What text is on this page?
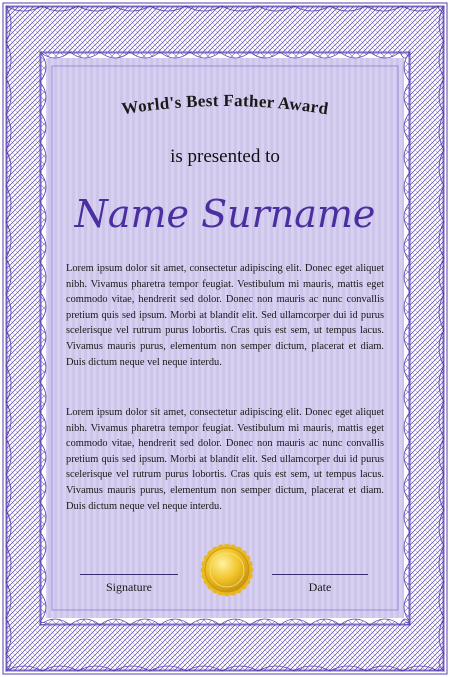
World's Best Father Award
is presented to
Name Surname

Lorem ipsum dolor sit amet, consectetur adipiscing elit. Donec eget aliquet nibh. Vivamus pharetra tempor feugiat. Vestibulum mi mauris, mattis eget commodo vitae, hendrerit sed dolor. Donec non mauris ac nunc convallis pretium quis sed ipsum. Morbi at blandit elit. Sed ullamcorper dui id purus scelerisque vel rutrum purus lobortis. Cras quis est sem, ut tempus lacus. Vivamus mauris purus, elementum non semper dictum, placerat et diam. Duis dictum neque vel neque interdu.

Lorem ipsum dolor sit amet, consectetur adipiscing elit. Donec eget aliquet nibh. Vivamus pharetra tempor feugiat. Vestibulum mi mauris, mattis eget commodo vitae, hendrerit sed dolor. Donec non mauris ac nunc convallis pretium quis sed ipsum. Morbi at blandit elit. Sed ullamcorper dui id purus scelerisque vel rutrum purus lobortis. Cras quis est sem, ut tempus lacus. Vivamus mauris purus, elementum non semper dictum, placerat et diam. Duis dictum neque vel neque interdu.

Signature	Date
